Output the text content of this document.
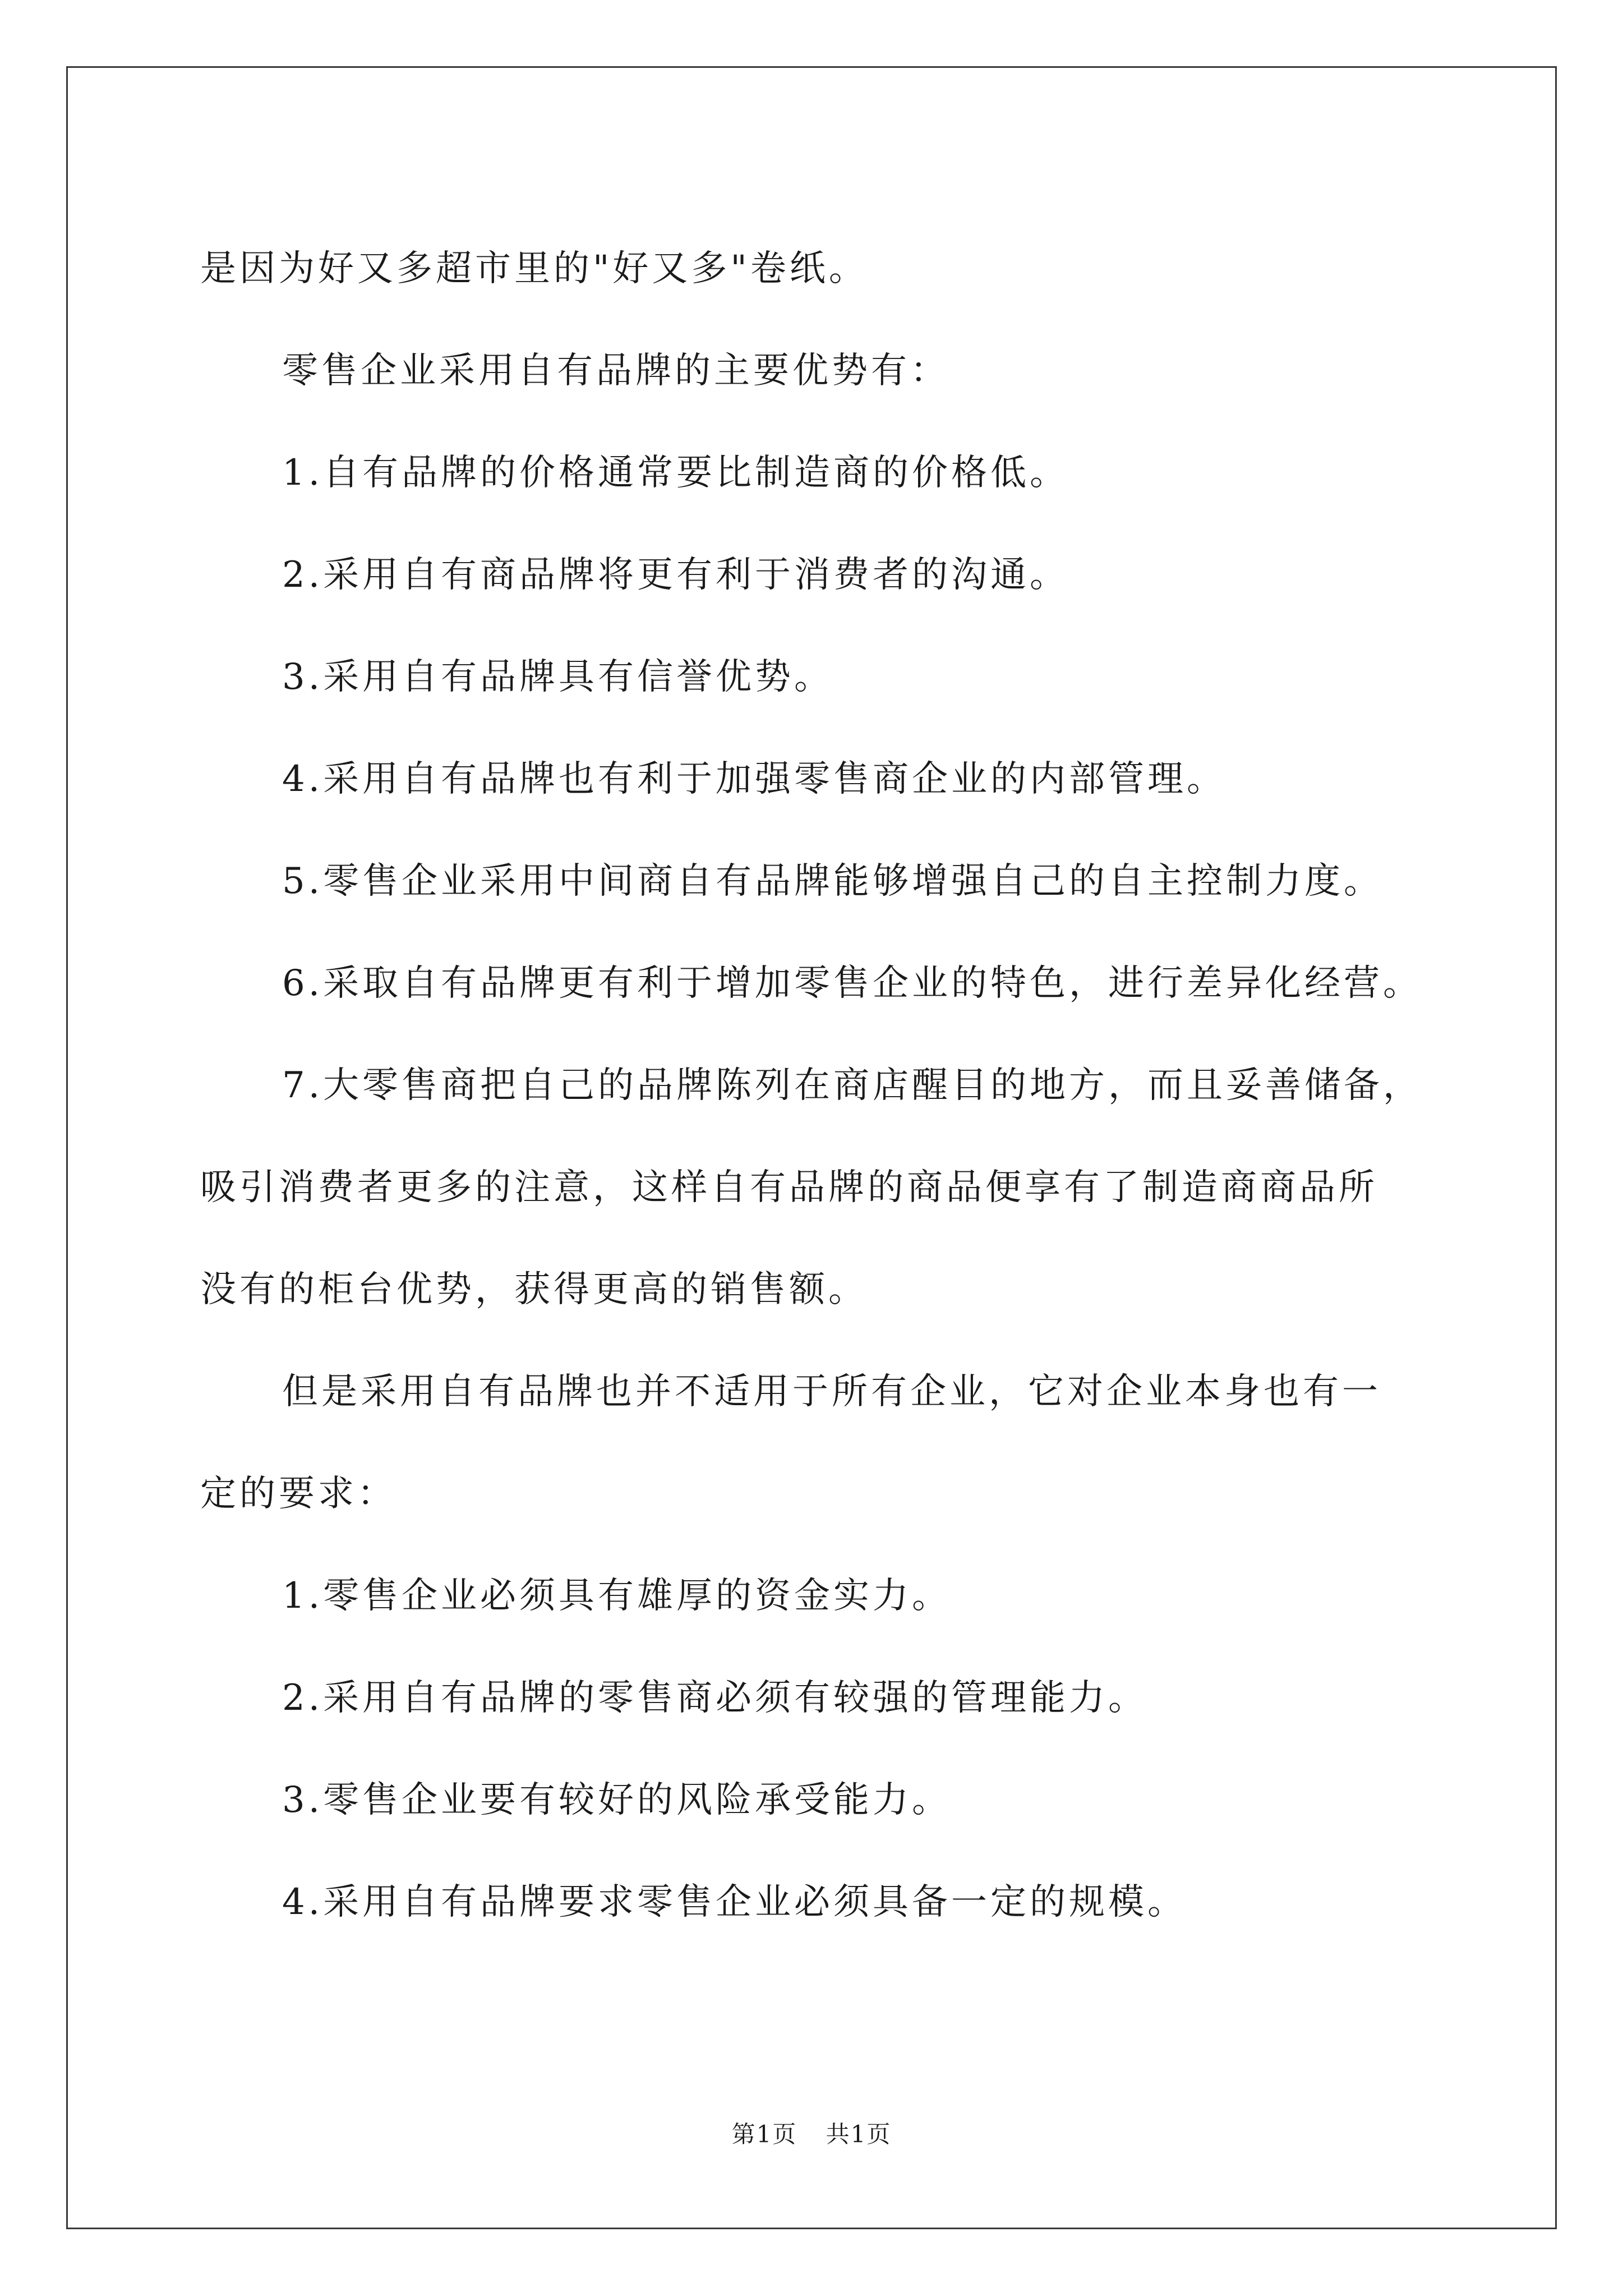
是因为好又多超市里的"好又多"卷纸。

零售企业采用自有品牌的主要优势有：

1.自有品牌的价格通常要比制造商的价格低。

2.采用自有商品牌将更有利于消费者的沟通。

3.采用自有品牌具有信誉优势。

4.采用自有品牌也有利于加强零售商企业的内部管理。

5.零售企业采用中间商自有品牌能够增强自己的自主控制力度。

6.采取自有品牌更有利于增加零售企业的特色，进行差异化经营。

7.大零售商把自己的品牌陈列在商店醒目的地方，而且妥善储备，

吸引消费者更多的注意，这样自有品牌的商品便享有了制造商商品所

没有的柜台优势，获得更高的销售额。

但是采用自有品牌也并不适用于所有企业，它对企业本身也有一

定的要求：

1.零售企业必须具有雄厚的资金实力。

2.采用自有品牌的零售商必须有较强的管理能力。

3.零售企业要有较好的风险承受能力。

4.采用自有品牌要求零售企业必须具备一定的规模。

第1页 共1页
